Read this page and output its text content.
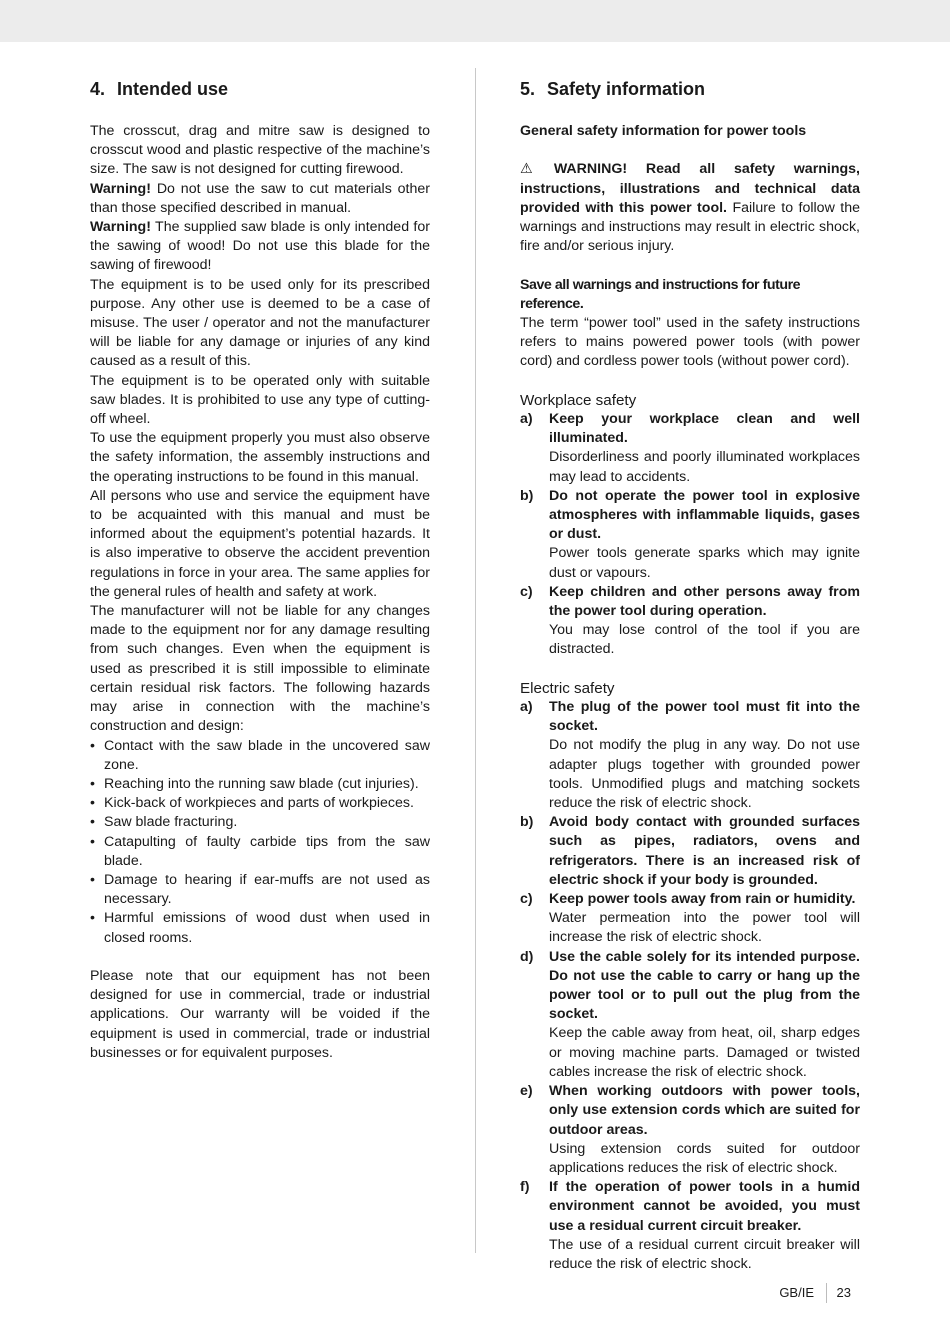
4. Intended use

The crosscut, drag and mitre saw is designed to crosscut wood and plastic respective of the machine’s size. The saw is not designed for cutting firewood.

Warning! Do not use the saw to cut materials other than those specified described in manual.

Warning! The supplied saw blade is only intended for the sawing of wood! Do not use this blade for the sawing of firewood!

The equipment is to be used only for its prescribed purpose. Any other use is deemed to be a case of misuse. The user / operator and not the manufacturer will be liable for any damage or injuries of any kind caused as a result of this.

The equipment is to be operated only with suitable saw blades. It is prohibited to use any type of cutting-off wheel.

To use the equipment properly you must also observe the safety information, the assembly instructions and the operating instructions to be found in this manual.

All persons who use and service the equipment have to be acquainted with this manual and must be informed about the equipment’s potential hazards. It is also imperative to observe the accident prevention regulations in force in your area. The same applies for the general rules of health and safety at work.

The manufacturer will not be liable for any changes made to the equipment nor for any damage resulting from such changes. Even when the equipment is used as prescribed it is still impossible to eliminate certain residual risk factors. The following hazards may arise in connection with the machine’s construction and design:

• Contact with the saw blade in the uncovered saw zone.
• Reaching into the running saw blade (cut injuries).
• Kick-back of workpieces and parts of workpieces.
• Saw blade fracturing.
• Catapulting of faulty carbide tips from the saw blade.
• Damage to hearing if ear-muffs are not used as necessary.
• Harmful emissions of wood dust when used in closed rooms.

Please note that our equipment has not been designed for use in commercial, trade or industrial applications. Our warranty will be voided if the equipment is used in commercial, trade or industrial businesses or for equivalent purposes.

5. Safety information

General safety information for power tools

⚠ WARNING! Read all safety warnings, instructions, illustrations and technical data provided with this power tool. Failure to follow the warnings and instructions may result in electric shock, fire and/or serious injury.

Save all warnings and instructions for future reference.

The term “power tool” used in the safety instructions refers to mains powered power tools (with power cord) and cordless power tools (without power cord).

Workplace safety

a) Keep your workplace clean and well illuminated.
Disorderliness and poorly illuminated workplaces may lead to accidents.
b) Do not operate the power tool in explosive atmospheres with inflammable liquids, gases or dust.
Power tools generate sparks which may ignite dust or vapours.
c) Keep children and other persons away from the power tool during operation.
You may lose control of the tool if you are distracted.

Electric safety

a) The plug of the power tool must fit into the socket.
Do not modify the plug in any way. Do not use adapter plugs together with grounded power tools. Unmodified plugs and matching sockets reduce the risk of electric shock.
b) Avoid body contact with grounded surfaces such as pipes, radiators, ovens and refrigerators. There is an increased risk of electric shock if your body is grounded.
c) Keep power tools away from rain or humidity.
Water permeation into the power tool will increase the risk of electric shock.
d) Use the cable solely for its intended purpose. Do not use the cable to carry or hang up the power tool or to pull out the plug from the socket.
Keep the cable away from heat, oil, sharp edges or moving machine parts. Damaged or twisted cables increase the risk of electric shock.
e) When working outdoors with power tools, only use extension cords which are suited for outdoor areas.
Using extension cords suited for outdoor applications reduces the risk of electric shock.
f) If the operation of power tools in a humid environment cannot be avoided, you must use a residual current circuit breaker.
The use of a residual current circuit breaker will reduce the risk of electric shock.
GB/IE 23
